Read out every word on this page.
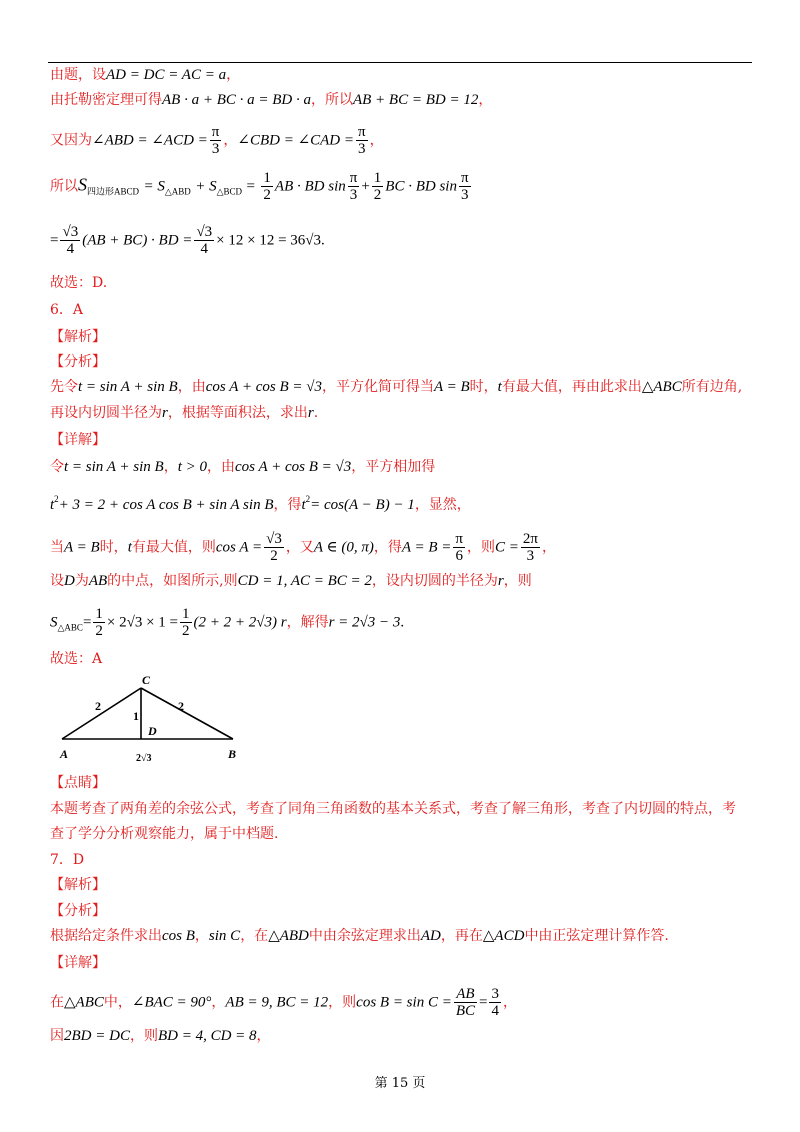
由题，设AD = DC = AC = a，
由托勒密定理可得AB · a + BC · a = BD · a，所以AB + BC = BD = 12，
又因为∠ABD = ∠ACD = $\frac{\pi}{3}$ ，∠CBD = ∠CAD = $\frac{\pi}{3}$ ，
所以$S_{四边形ABCD} = S_{\triangle ABD} + S_{\triangle BCD} = \frac{1}{2}$ AB · BD $\sin \frac{\pi}{3} + \frac{1}{2}$ BC · BD $\sin \frac{\pi}{3}$
= $\frac{√3}{4} (AB + BC)$ · BD = $\frac{√3}{4} \times 12 \times 12 = 36√3$.
故选：D.
6．A
【解析】
【分析】
先令t = sin A + sin B，由cos A + cos B = √3，平方化简可得当A = B时，t有最大值，再由此求出△ABC所有边角,
再设内切圆半径为r，根据等面积法，求出r.
【详解】
令t = sin A + sin B，t > 0，由cos A + cos B = √3，平方相加得
$t^2+ 3 = 2 + \cos A$ cos B + sin A sin B，得$t^2= \cos(A - B) - 1$，显然，
当A = B时，t有最大值，则$\cos A = \frac{√3}{2}$ ，又A ∈ (0, π)，得$A = B = \frac{\pi}{6}$ ，则$C = \frac{2\pi}{3}$ ，
设D为AB的中点，如图所示,则CD = 1, AC = BC = 2，设内切圆的半径为r，则
$S_{\triangle ABC}= \frac{1}{2} \times 2√3 \times 1 = \frac{1}{2} (2 + 2 + 2√3)$ r，解得r = 2√3 − 3.
故选：A
C
A	B
D
2	2
1
2√3
【点睛】
本题考查了两角差的余弦公式，考查了同角三角函数的基本关系式，考查了解三角形，考查了内切圆的特点，考
查了学分分析观察能力，属于中档题.
7．D
【解析】
【分析】
根据给定条件求出cos B，sin C，在△ABD中由余弦定理求出AD，再在△ACD中由正弦定理计算作答.
【详解】
在△ABC中，∠BAC = 90°，AB = 9, BC = 12，则$\cos B = \sin C = \frac{AB}{BC} = \frac{3}{4}$ ，
因2BD = DC，则BD = 4, CD = 8，
第 15 页
